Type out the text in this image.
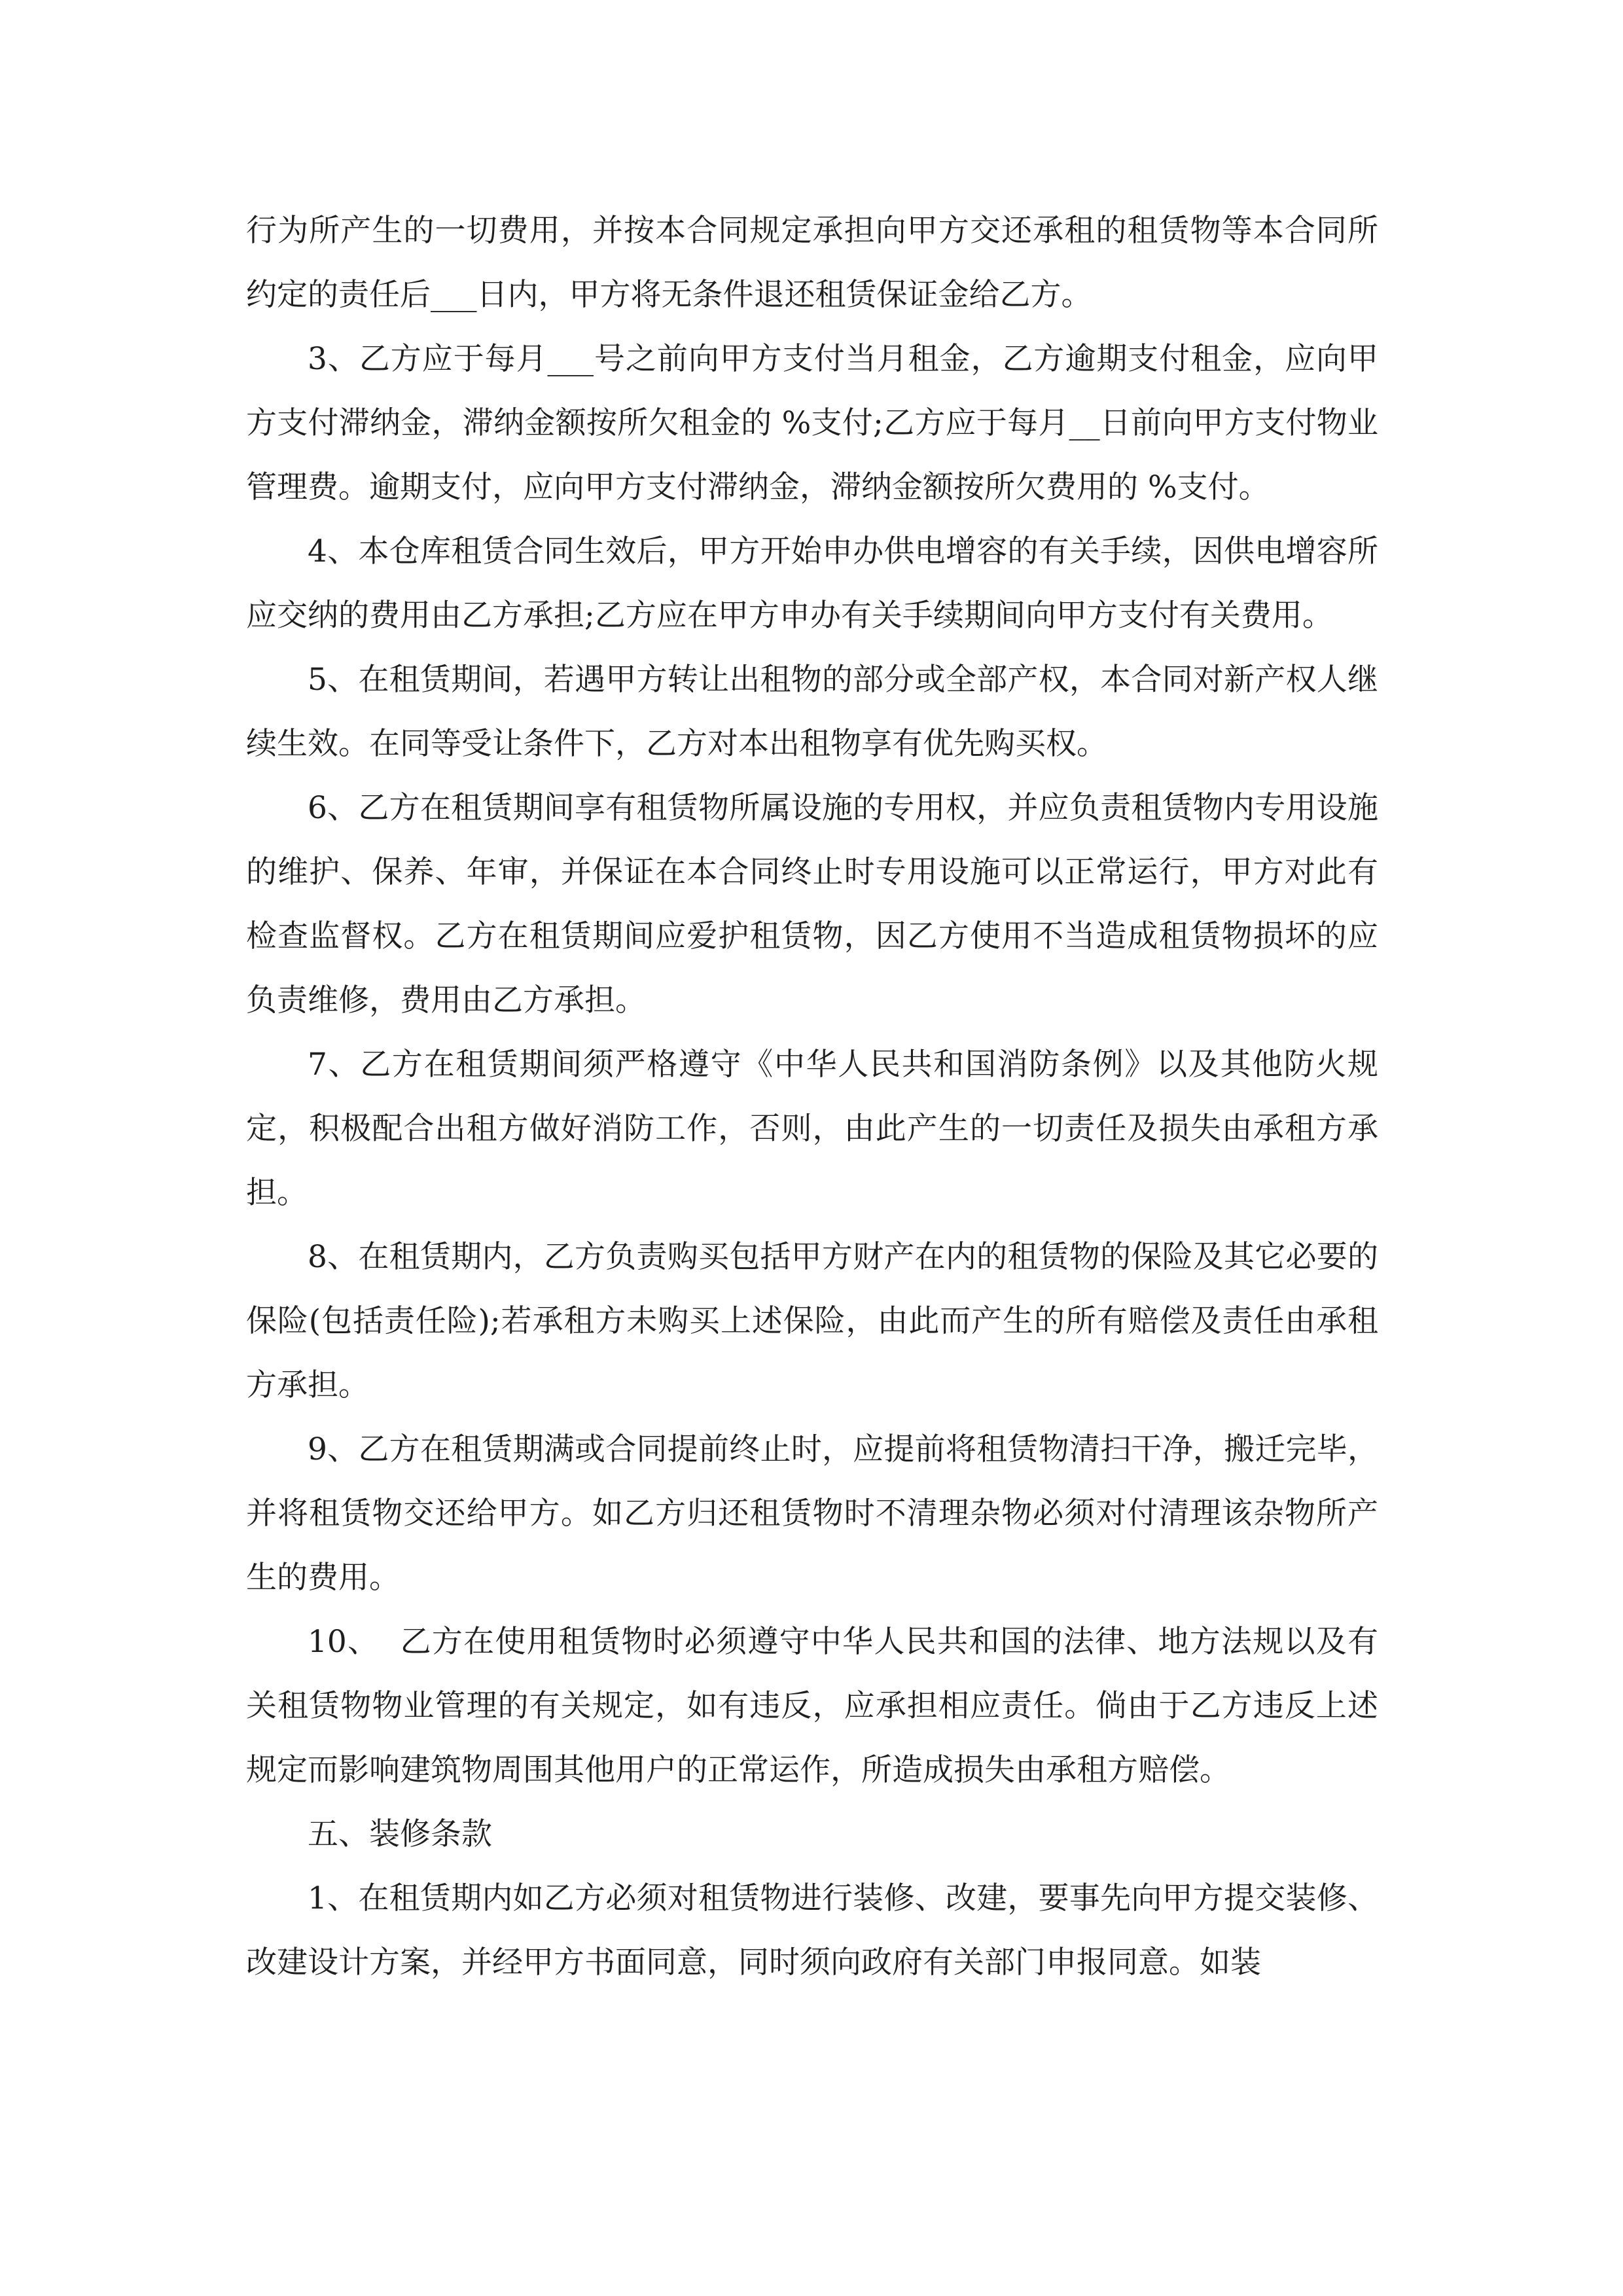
行为所产生的一切费用，并按本合同规定承担向甲方交还承租的租赁物等本合同所约定的责任后___日内，甲方将无条件退还租赁保证金给乙方。

3、乙方应于每月___号之前向甲方支付当月租金，乙方逾期支付租金，应向甲方支付滞纳金，滞纳金额按所欠租金的 %支付;乙方应于每月__日前向甲方支付物业管理费。逾期支付，应向甲方支付滞纳金，滞纳金额按所欠费用的 %支付。

4、本仓库租赁合同生效后，甲方开始申办供电增容的有关手续，因供电增容所应交纳的费用由乙方承担;乙方应在甲方申办有关手续期间向甲方支付有关费用。

5、在租赁期间，若遇甲方转让出租物的部分或全部产权，本合同对新产权人继续生效。在同等受让条件下，乙方对本出租物享有优先购买权。

6、乙方在租赁期间享有租赁物所属设施的专用权，并应负责租赁物内专用设施的维护、保养、年审，并保证在本合同终止时专用设施可以正常运行，甲方对此有检查监督权。乙方在租赁期间应爱护租赁物，因乙方使用不当造成租赁物损坏的应负责维修，费用由乙方承担。

7、乙方在租赁期间须严格遵守《中华人民共和国消防条例》以及其他防火规定，积极配合出租方做好消防工作，否则，由此产生的一切责任及损失由承租方承担。

8、在租赁期内，乙方负责购买包括甲方财产在内的租赁物的保险及其它必要的保险(包括责任险);若承租方未购买上述保险，由此而产生的所有赔偿及责任由承租方承担。

9、乙方在租赁期满或合同提前终止时，应提前将租赁物清扫干净，搬迁完毕，并将租赁物交还给甲方。如乙方归还租赁物时不清理杂物必须对付清理该杂物所产生的费用。

10、  乙方在使用租赁物时必须遵守中华人民共和国的法律、地方法规以及有关租赁物物业管理的有关规定，如有违反，应承担相应责任。倘由于乙方违反上述规定而影响建筑物周围其他用户的正常运作，所造成损失由承租方赔偿。

五、装修条款

1、在租赁期内如乙方必须对租赁物进行装修、改建，要事先向甲方提交装修、改建设计方案，并经甲方书面同意，同时须向政府有关部门申报同意。如装
